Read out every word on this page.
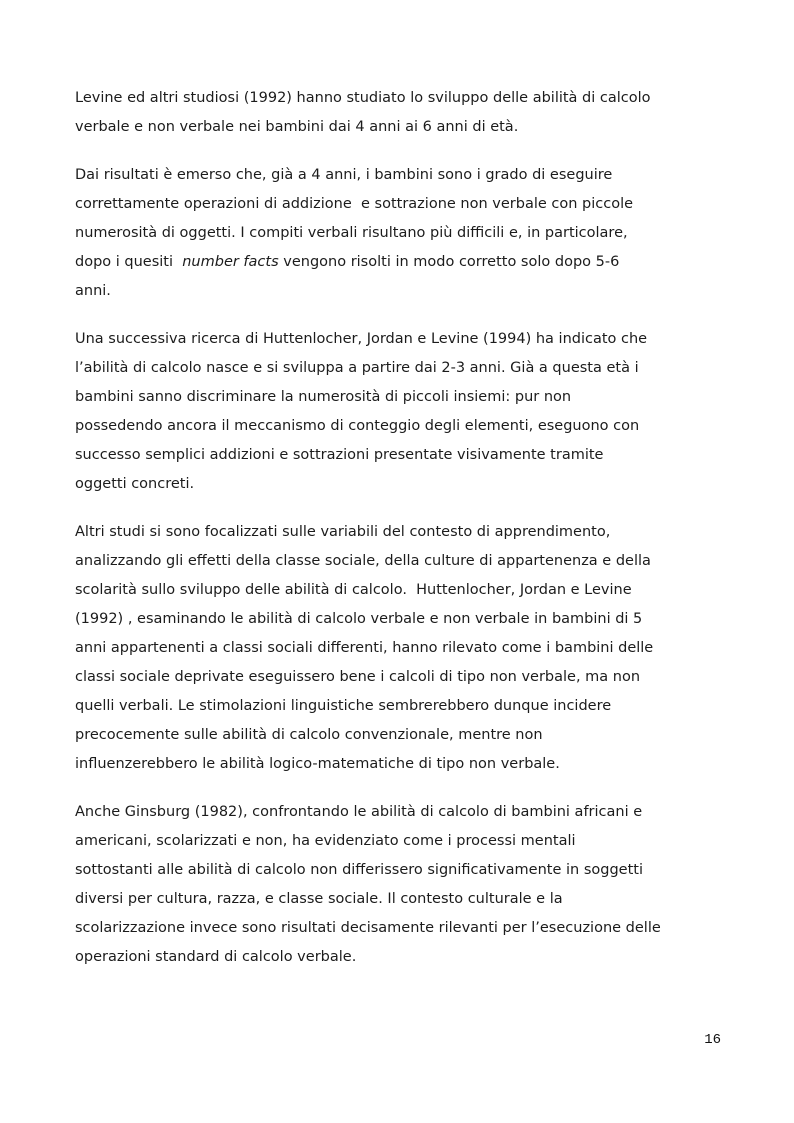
Levine ed altri studiosi (1992) hanno studiato lo sviluppo delle abilità di calcolo
verbale e non verbale nei bambini dai 4 anni ai 6 anni di età.
Dai risultati è emerso che, già a 4 anni, i bambini sono i grado di eseguire
correttamente operazioni di addizione  e sottrazione non verbale con piccole
numerosità di oggetti. I compiti verbali risultano più difficili e, in particolare,
dopo i quesiti  number facts vengono risolti in modo corretto solo dopo 5-6
anni.
Una successiva ricerca di Huttenlocher, Jordan e Levine (1994) ha indicato che
l’abilità di calcolo nasce e si sviluppa a partire dai 2-3 anni. Già a questa età i
bambini sanno discriminare la numerosità di piccoli insiemi: pur non
possedendo ancora il meccanismo di conteggio degli elementi, eseguono con
successo semplici addizioni e sottrazioni presentate visivamente tramite
oggetti concreti.
Altri studi si sono focalizzati sulle variabili del contesto di apprendimento,
analizzando gli effetti della classe sociale, della culture di appartenenza e della
scolarità sullo sviluppo delle abilità di calcolo.  Huttenlocher, Jordan e Levine
(1992) , esaminando le abilità di calcolo verbale e non verbale in bambini di 5
anni appartenenti a classi sociali differenti, hanno rilevato come i bambini delle
classi sociale deprivate eseguissero bene i calcoli di tipo non verbale, ma non
quelli verbali. Le stimolazioni linguistiche sembrerebbero dunque incidere
precocemente sulle abilità di calcolo convenzionale, mentre non
influenzerebbero le abilità logico-matematiche di tipo non verbale.
Anche Ginsburg (1982), confrontando le abilità di calcolo di bambini africani e
americani, scolarizzati e non, ha evidenziato come i processi mentali
sottostanti alle abilità di calcolo non differissero significativamente in soggetti
diversi per cultura, razza, e classe sociale. Il contesto culturale e la
scolarizzazione invece sono risultati decisamente rilevanti per l’esecuzione delle
operazioni standard di calcolo verbale.
16
